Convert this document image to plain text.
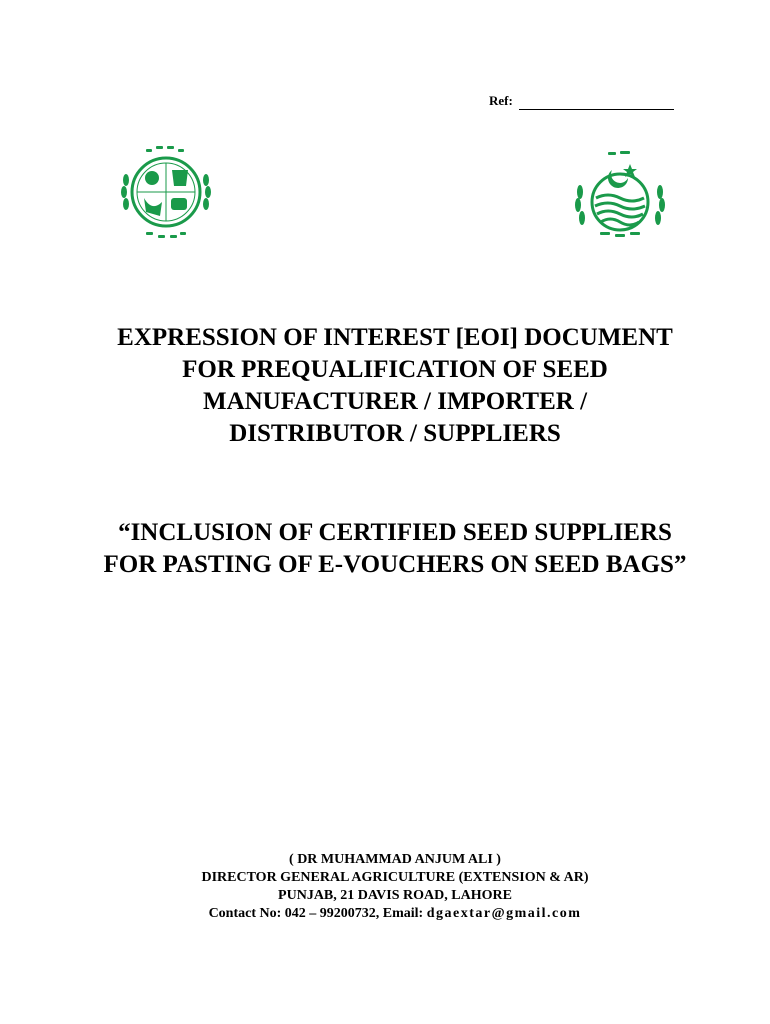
Ref:
EXPRESSION OF INTEREST [EOI] DOCUMENT
FOR PREQUALIFICATION OF SEED
MANUFACTURER / IMPORTER /
DISTRIBUTOR / SUPPLIERS
“INCLUSION OF CERTIFIED SEED SUPPLIERS
FOR PASTING OF E-VOUCHERS ON SEED BAGS”
( DR MUHAMMAD ANJUM ALI )
DIRECTOR GENERAL AGRICULTURE (EXTENSION & AR)
PUNJAB, 21 DAVIS ROAD, LAHORE
Contact No: 042 – 99200732, Email: dgaextar@gmail.com
